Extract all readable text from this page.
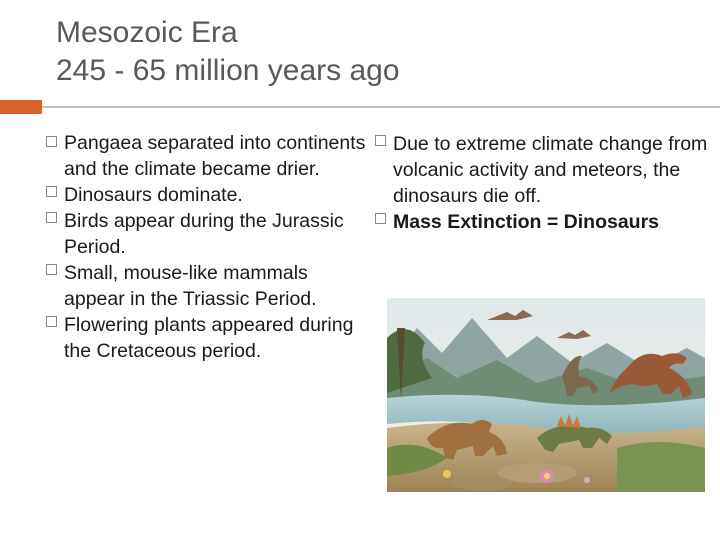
Mesozoic Era
245 - 65 million years ago
Pangaea separated into continents and the climate became drier.
Dinosaurs dominate.
Birds appear during the Jurassic Period.
Small, mouse-like mammals appear in the Triassic Period.
Flowering plants appeared during the Cretaceous period.
Due to extreme climate change from volcanic activity and meteors, the dinosaurs die off.
Mass Extinction = Dinosaurs
